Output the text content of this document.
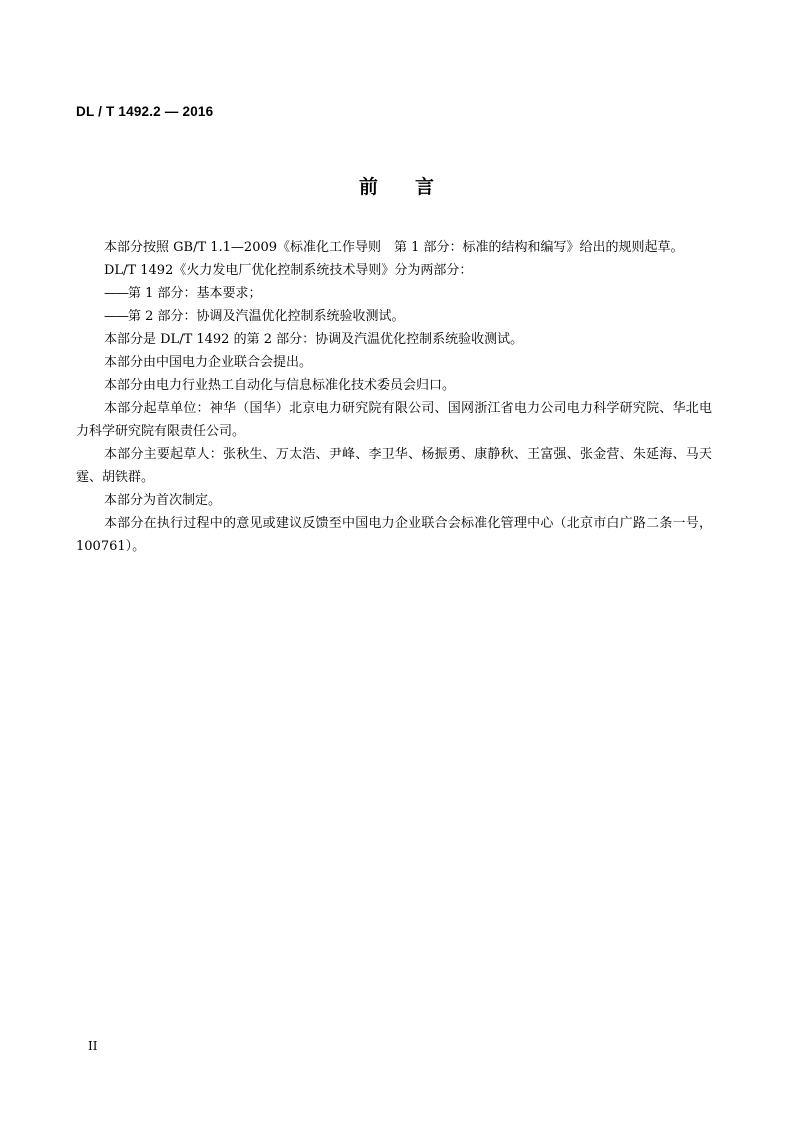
DL / T 1492.2 — 2016
前 言

本部分按照 GB/T 1.1—2009《标准化工作导则　第 1 部分：标准的结构和编写》给出的规则起草。

DL/T 1492《火力发电厂优化控制系统技术导则》分为两部分：

——第 1 部分：基本要求；

——第 2 部分：协调及汽温优化控制系统验收测试。

本部分是 DL/T 1492 的第 2 部分：协调及汽温优化控制系统验收测试。

本部分由中国电力企业联合会提出。

本部分由电力行业热工自动化与信息标准化技术委员会归口。

本部分起草单位：神华（国华）北京电力研究院有限公司、国网浙江省电力公司电力科学研究院、华北电力科学研究院有限责任公司。

本部分主要起草人：张秋生、万太浩、尹峰、李卫华、杨振勇、康静秋、王富强、张金营、朱延海、马天霆、胡铁群。

本部分为首次制定。

本部分在执行过程中的意见或建议反馈至中国电力企业联合会标准化管理中心（北京市白广路二条一号，100761）。

II
